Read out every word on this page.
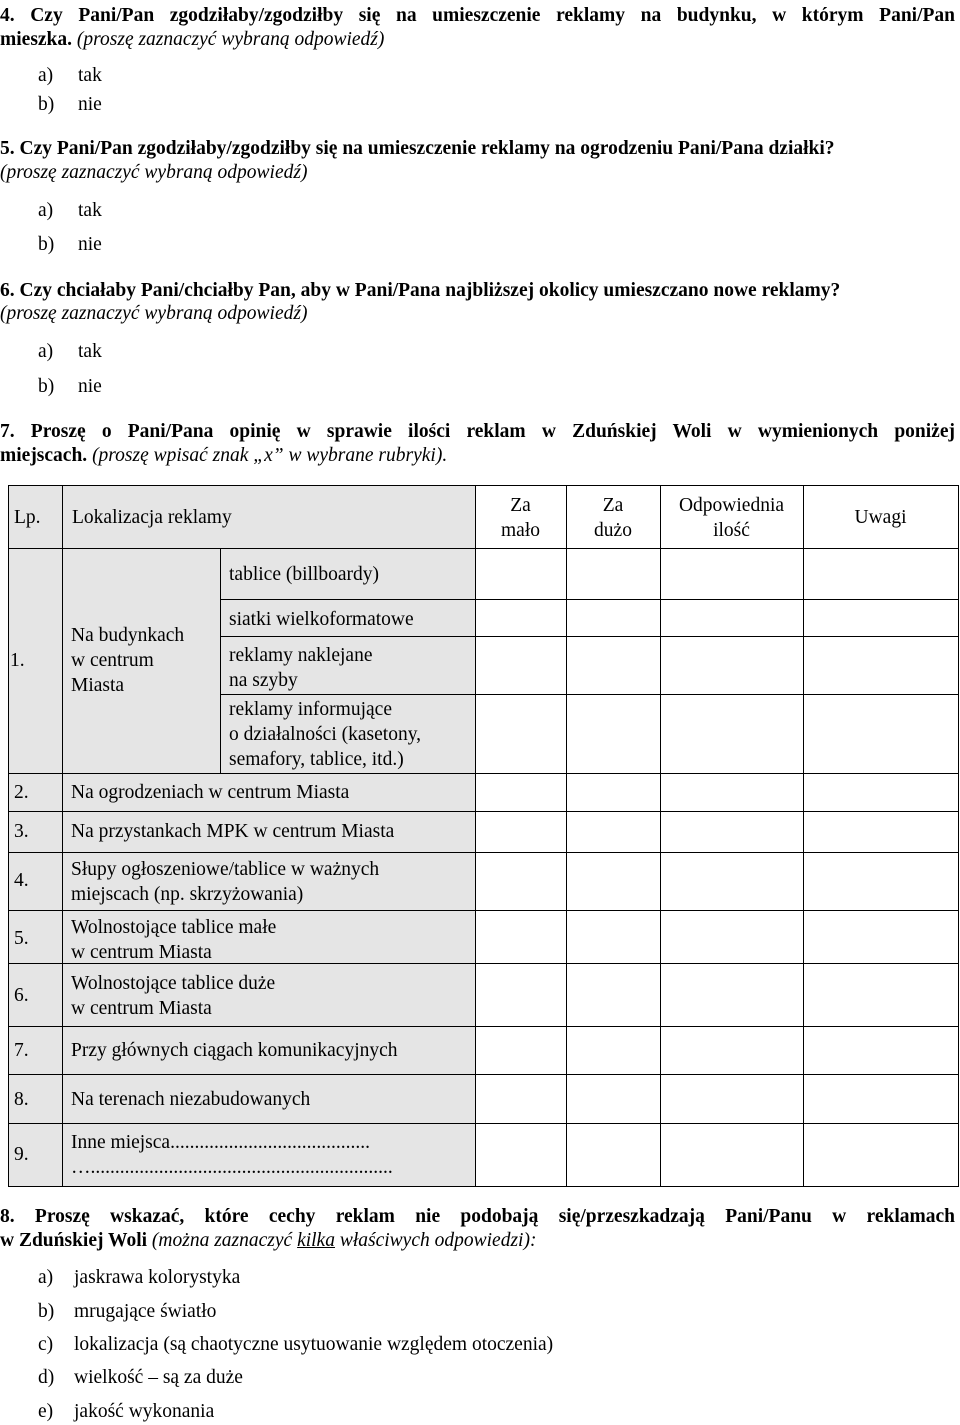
4. Czy Pani/Pan zgodziłaby/zgodziłby się na umieszczenie reklamy na budynku, w którym Pani/Pan
mieszka. (proszę zaznaczyć wybraną odpowiedź)
a) tak
b) nie
5. Czy Pani/Pan zgodziłaby/zgodziłby się na umieszczenie reklamy na ogrodzeniu Pani/Pana działki?
(proszę zaznaczyć wybraną odpowiedź)
a) tak
b) nie
6. Czy chciałaby Pani/chciałby Pan, aby w Pani/Pana najbliższej okolicy umieszczano nowe reklamy?
(proszę zaznaczyć wybraną odpowiedź)
a) tak
b) nie
7. Proszę o Pani/Pana opinię w sprawie ilości reklam w Zduńskiej Woli w wymienionych poniżej
miejscach. (proszę wpisać znak „x” w wybrane rubryki).
Lp. Lokalizacja reklamy
Za
mało
Za
dużo
Odpowiednia
ilość
Uwagi
1.
Na budynkach
w centrum
Miasta
tablice (billboardy)
siatki wielkoformatowe
reklamy naklejane
na szyby
reklamy informujące
o działalności (kasetony,
semafory, tablice, itd.)
2. Na ogrodzeniach w centrum Miasta
3. Na przystankach MPK w centrum Miasta
4.
Słupy ogłoszeniowe/tablice w ważnych
miejscach (np. skrzyżowania)
5.
Wolnostojące tablice małe
w centrum Miasta
6.
Wolnostojące tablice duże
w centrum Miasta
7. Przy głównych ciągach komunikacyjnych
8. Na terenach niezabudowanych
9.
Inne miejsca.........................................
…..............................................................
8. Proszę wskazać, które cechy reklam nie podobają się/przeszkadzają Pani/Panu w reklamach
w Zduńskiej Woli (można zaznaczyć kilka właściwych odpowiedzi):
a) jaskrawa kolorystyka
b) mrugające światło
c) lokalizacja (są chaotyczne usytuowanie względem otoczenia)
d) wielkość – są za duże
e) jakość wykonania
